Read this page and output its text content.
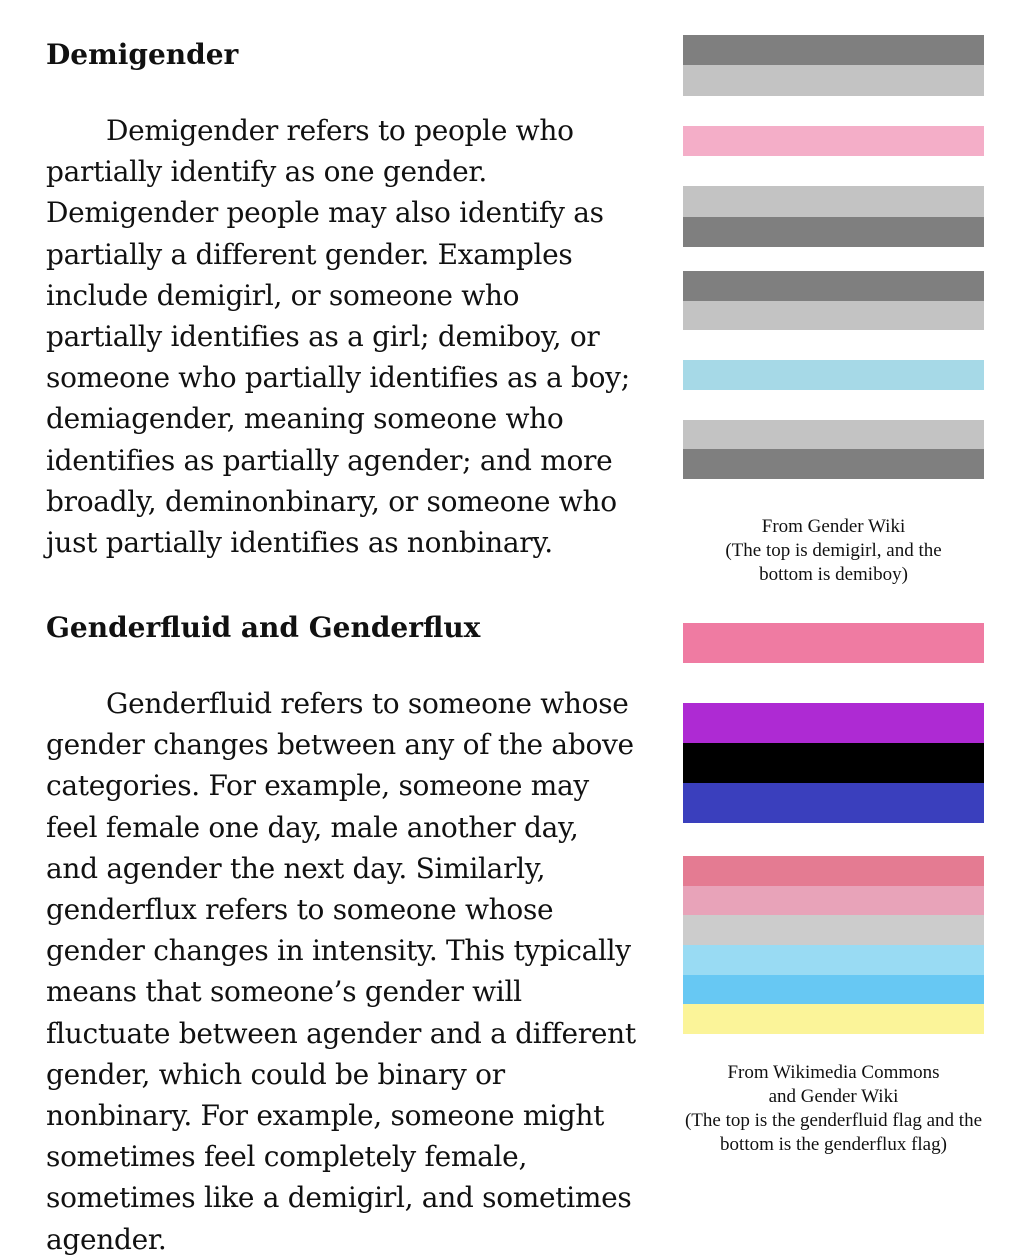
Demigender

Demigender refers to people who partially identify as one gender. Demigender people may also identify as partially a different gender. Examples include demigirl, or someone who partially identifies as a girl; demiboy, or someone who partially identifies as a boy; demiagender, meaning someone who identifies as partially agender; and more broadly, deminonbinary, or someone who just partially identifies as nonbinary.

Genderfluid and Genderflux

Genderfluid refers to someone whose gender changes between any of the above categories. For example, someone may feel female one day, male another day, and agender the next day. Similarly, genderflux refers to someone whose gender changes in intensity. This typically means that someone’s gender will fluctuate between agender and a different gender, which could be binary or nonbinary. For example, someone might sometimes feel completely female, sometimes like a demigirl, and sometimes agender.

From Gender Wiki
(The top is demigirl, and the bottom is demiboy)
From Wikimedia Commons and Gender Wiki
(The top is the genderfluid flag and the bottom is the genderflux flag)
